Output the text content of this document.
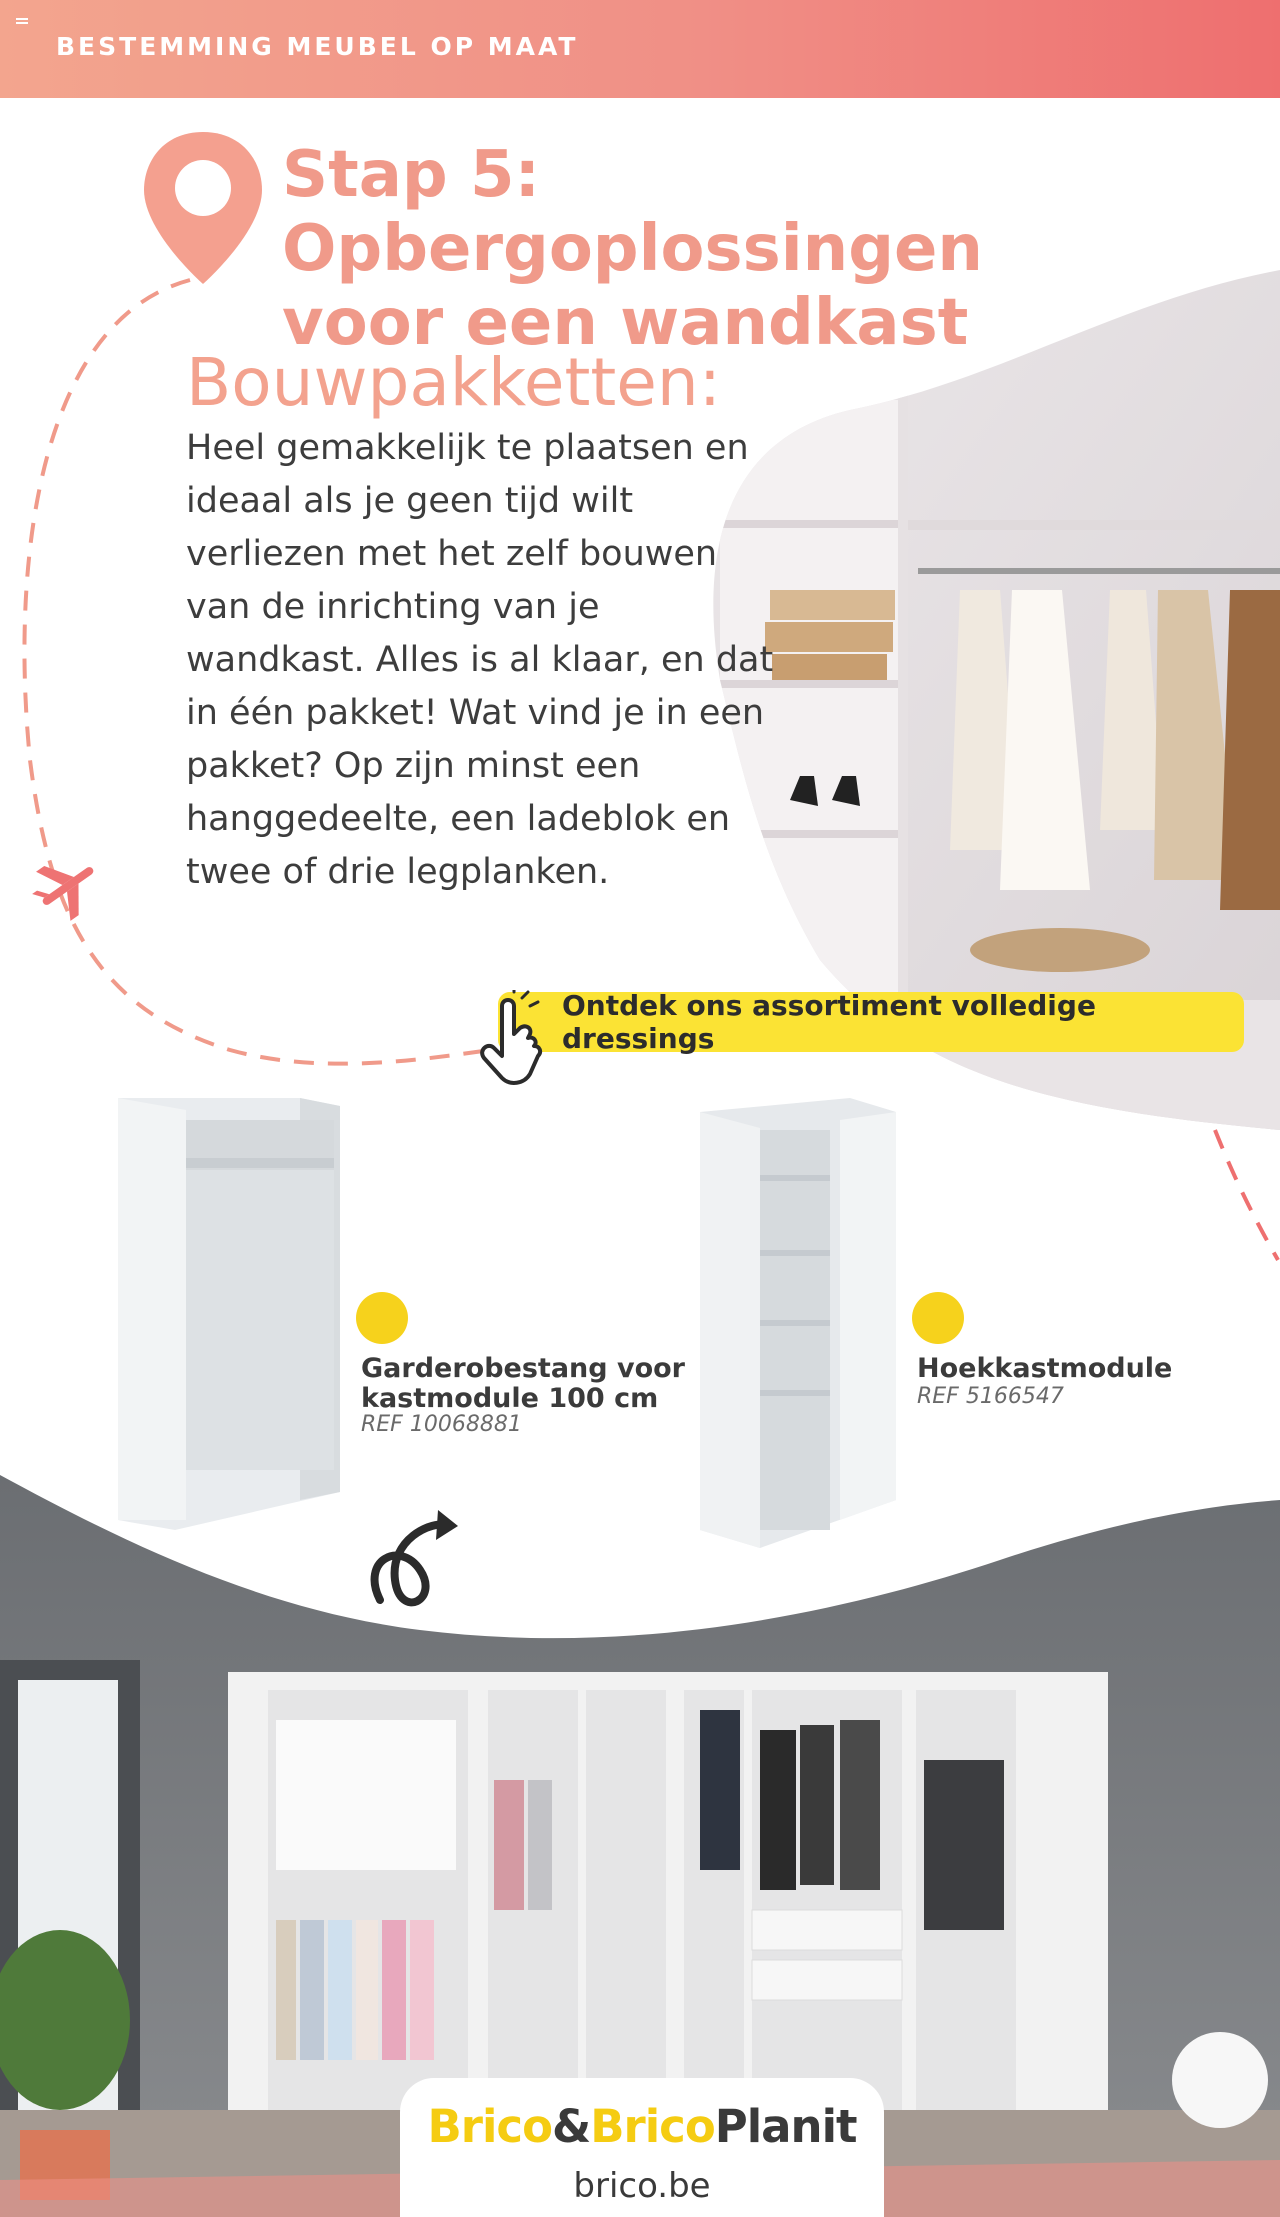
BESTEMMING MEUBEL OP MAAT
Stap 5: Opbergoplossingen
voor een wandkast
Bouwpakketten:
Heel gemakkelijk te plaatsen en ideaal als je geen tijd wilt verliezen met het zelf bouwen van de inrichting van je wandkast. Alles is al klaar, en dat in één pakket! Wat vind je in een pakket? Op zijn minst een hanggedeelte, een ladeblok en twee of drie legplanken.
Ontdek ons assortiment volledige dressings
Garderobestang voor
kastmodule 100 cm
REF 10068881
Hoekkastmodule
REF 5166547
Brico&BricoPlanit
brico.be
